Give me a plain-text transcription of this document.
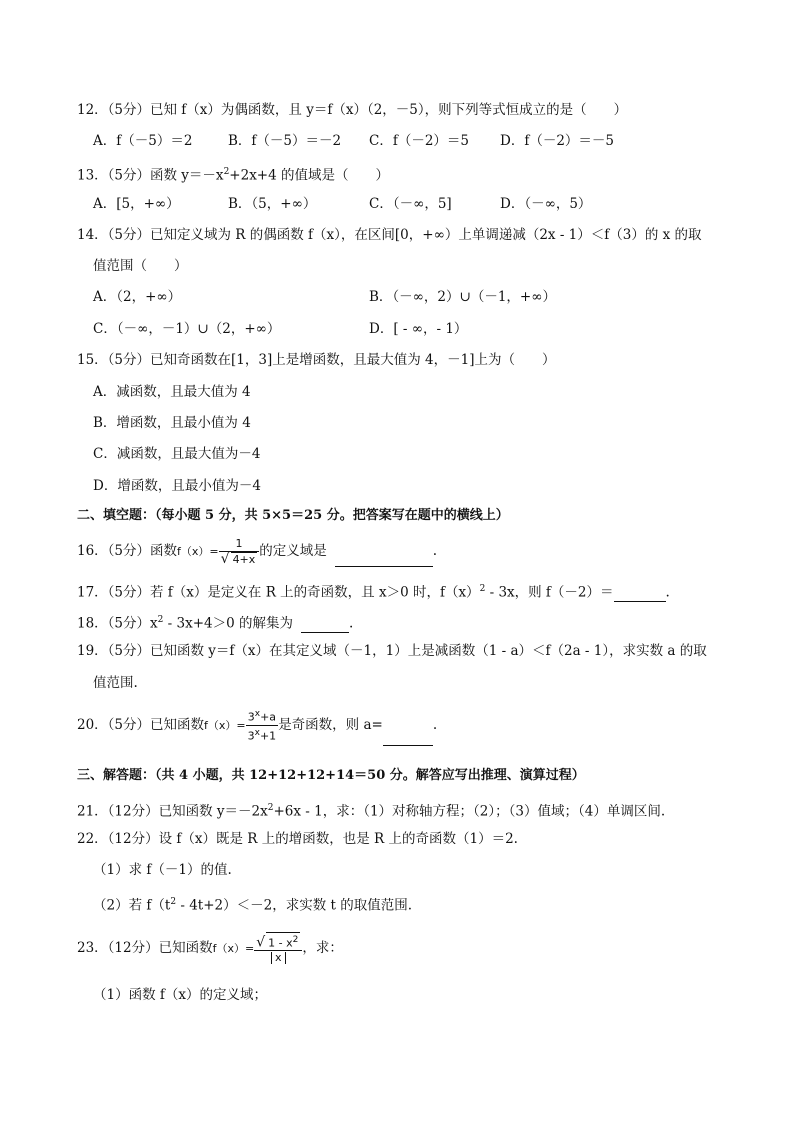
12．（5分）已知 f（x）为偶函数，且 y＝f（x）（2，－5），则下列等式恒成立的是（　　）
A．f（－5）＝2	B．f（－5）＝－2 C．f（－2）＝5 D．f（－2）＝－5
13．（5分）函数 $y=-x^2+2x+4$ 的值域是（　　）
A．[5，+∞）	B．（5，+∞）	C．（－∞，5]	D．（－∞，5）
14．（5分）已知定义域为 R 的偶函数 f（x），在区间[0，+∞）上单调递减（2x - 1）＜f（3）的 x 的取
值范围（　　）
A．（2，+∞）	B．（－∞，2）∪（－1，+∞）
C．（－∞，－1）∪（2，+∞）	D．[ - ∞，- 1）
15．（5分）已知奇函数在[1，3]上是增函数，且最大值为 4，－1]上为（　　）
A．减函数，且最大值为 4
B．增函数，且最小值为 4
C．减函数，且最大值为－4
D．增函数，且最小值为－4
二、填空题：（每小题 5 分，共 5×5＝25 分。把答案写在题中的横线上）
16．（5分）函数$f(x)= \frac{1}{√ 4+x}$ 的定义域是	.
17．（5分）若 f（x）是定义在 R 上的奇函数，且 x＞0 时，$f(x)^2 - 3x$，则 f（－2）＝	.
18．（5分）$x^2 - 3x+4>0$ 的解集为	.
19．（5分）已知函数 y＝f（x）在其定义域（－1，1）上是减函数（1 - a）＜f（2a - 1），求实数 a 的取
值范围.
20．（5分）已知函数$f(x)= \frac{3^x+a}{3^x+1}$ 是奇函数，则 a=	.
三、解答题：（共 4 小题，共 12+12+12+14＝50 分。解答应写出推理、演算过程）
21．（12分）已知函数 $y=-2x^2+6x - 1$，求：（1）对称轴方程；（2）；（3）值域；（4）单调区间.
22．（12分）设 f（x）既是 R 上的增函数，也是 R 上的奇函数（1）＝2.
（1）求 f（－1）的值.
（2）若 $f(t^2 - 4t+2)<-2$，求实数 t 的取值范围.
23．（12分）已知函数$f(x)= \frac{√ 1 - x^2}{x}$ ，求：
（1）函数 f（x）的定义域；
